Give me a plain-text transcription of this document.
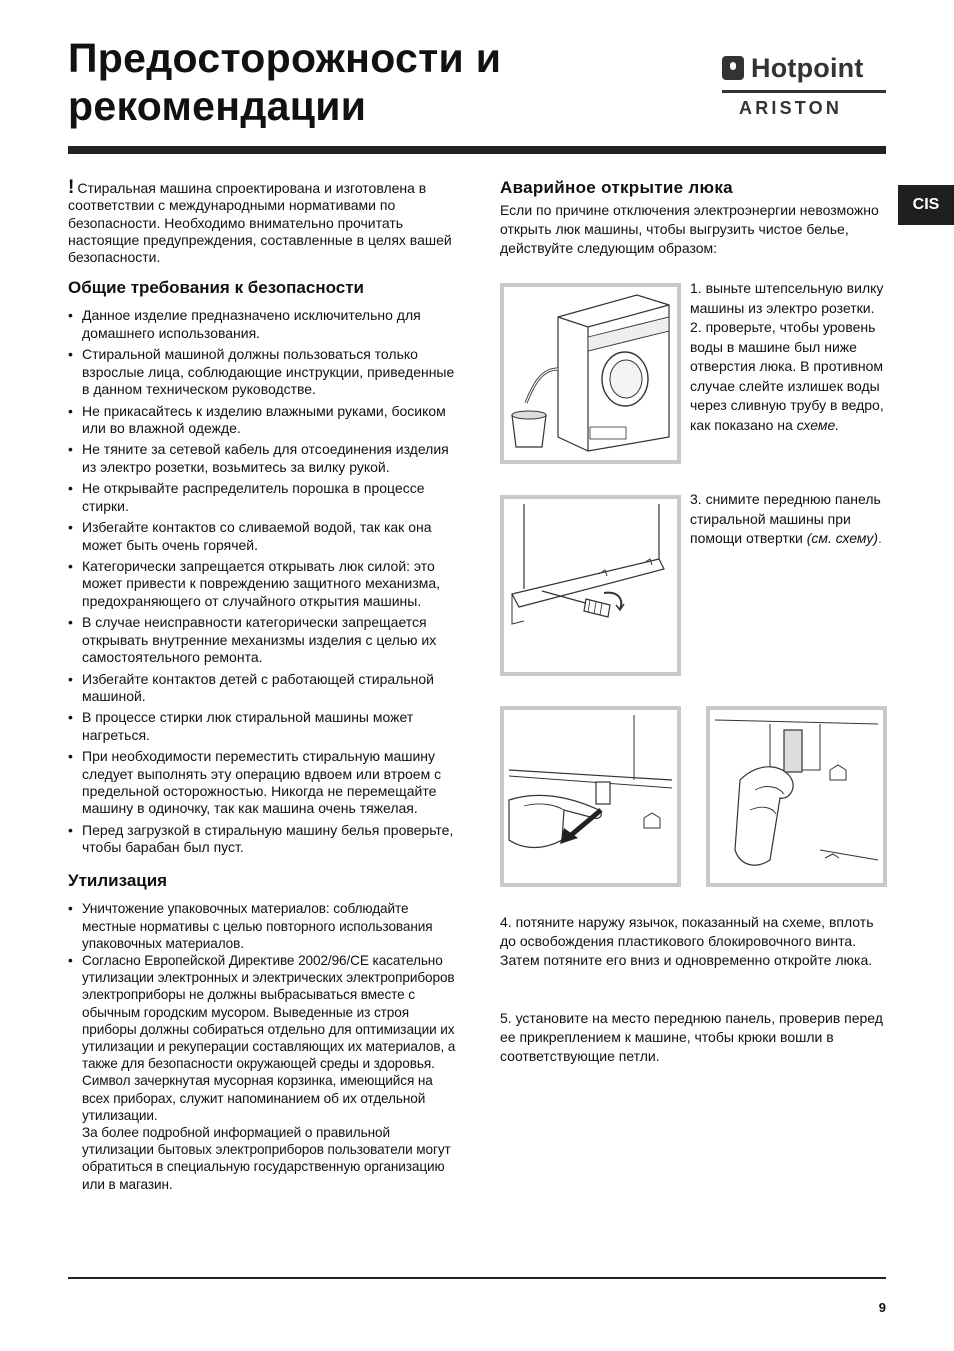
Предосторожности и
рекомендации
Hotpoint
ARISTON
CIS

! Стиральная машина спроектирована и изготовлена в соответствии с международными нормативами по безопасности. Необходимо внимательно прочитать настоящие предупреждения, составленные в целях вашей безопасности.

Общие требования к безопасности
• Данное изделие предназначено исключительно для домашнего использования.
• Стиральной машиной должны пользоваться только взрослые лица, соблюдающие инструкции, приведенные в данном техническом руководстве.
• Не прикасайтесь к изделию влажными руками, босиком или во влажной одежде.
• Не тяните за сетевой кабель для отсоединения изделия из электро розетки, возьмитесь за вилку рукой.
• Не открывайте распределитель порошка в процессе стирки.
• Избегайте контактов со сливаемой водой, так как она может быть очень горячей.
• Категорически запрещается открывать люк силой: это может привести к повреждению защитного механизма, предохраняющего от случайного открытия машины.
• В случае неисправности категорически запрещается открывать внутренние механизмы изделия с целью их самостоятельного ремонта.
• Избегайте контактов детей с работающей стиральной машиной.
• В процессе стирки люк стиральной машины может нагреться.
• При необходимости переместить стиральную машину следует выполнять эту операцию вдвоем или втроем с предельной осторожностью. Никогда не перемещайте машину в одиночку, так как машина очень тяжелая.
• Перед загрузкой в стиральную машину белья проверьте, чтобы барабан был пуст.
Утилизация
• Уничтожение упаковочных материалов: соблюдайте местные нормативы с целью повторного использования упаковочных материалов.
• Согласно Европейской Директиве 2002/96/CE касательно утилизации электронных и электрических электроприборов электроприборы не должны выбрасываться вместе с обычным городским мусором. Выведенные из строя приборы должны собираться отдельно для оптимизации их утилизации и рекуперации составляющих их материалов, а также для безопасности окружающей среды и здоровья. Символ зачеркнутая мусорная корзинка, имеющийся на всех приборах, служит напоминанием об их отдельной утилизации.
За более подробной информацией о правильной утилизации бытовых электроприборов пользователи могут обратиться в специальную государственную организацию или в магазин.
Аварийное открытие люка

Если по причине отключения электроэнергии невозможно открыть люк машины, чтобы выгрузить чистое белье, действуйте следующим образом:

1. выньте штепсельную вилку машины из электро розетки.
2. проверьте, чтобы уровень воды в машине был ниже отверстия люка. В противном случае слейте излишек воды через сливную трубу в ведро, как показано на схеме.
3. снимите переднюю панель стиральной машины при помощи отвертки (см. схему).
4. потяните наружу язычок, показанный на схеме, вплоть до освобождения пластикового блокировочного винта. Затем потяните его вниз и одновременно откройте люка.
5. установите на место переднюю панель, проверив перед ее прикреплением к машине, чтобы крюки вошли в соответствующие петли.
9
